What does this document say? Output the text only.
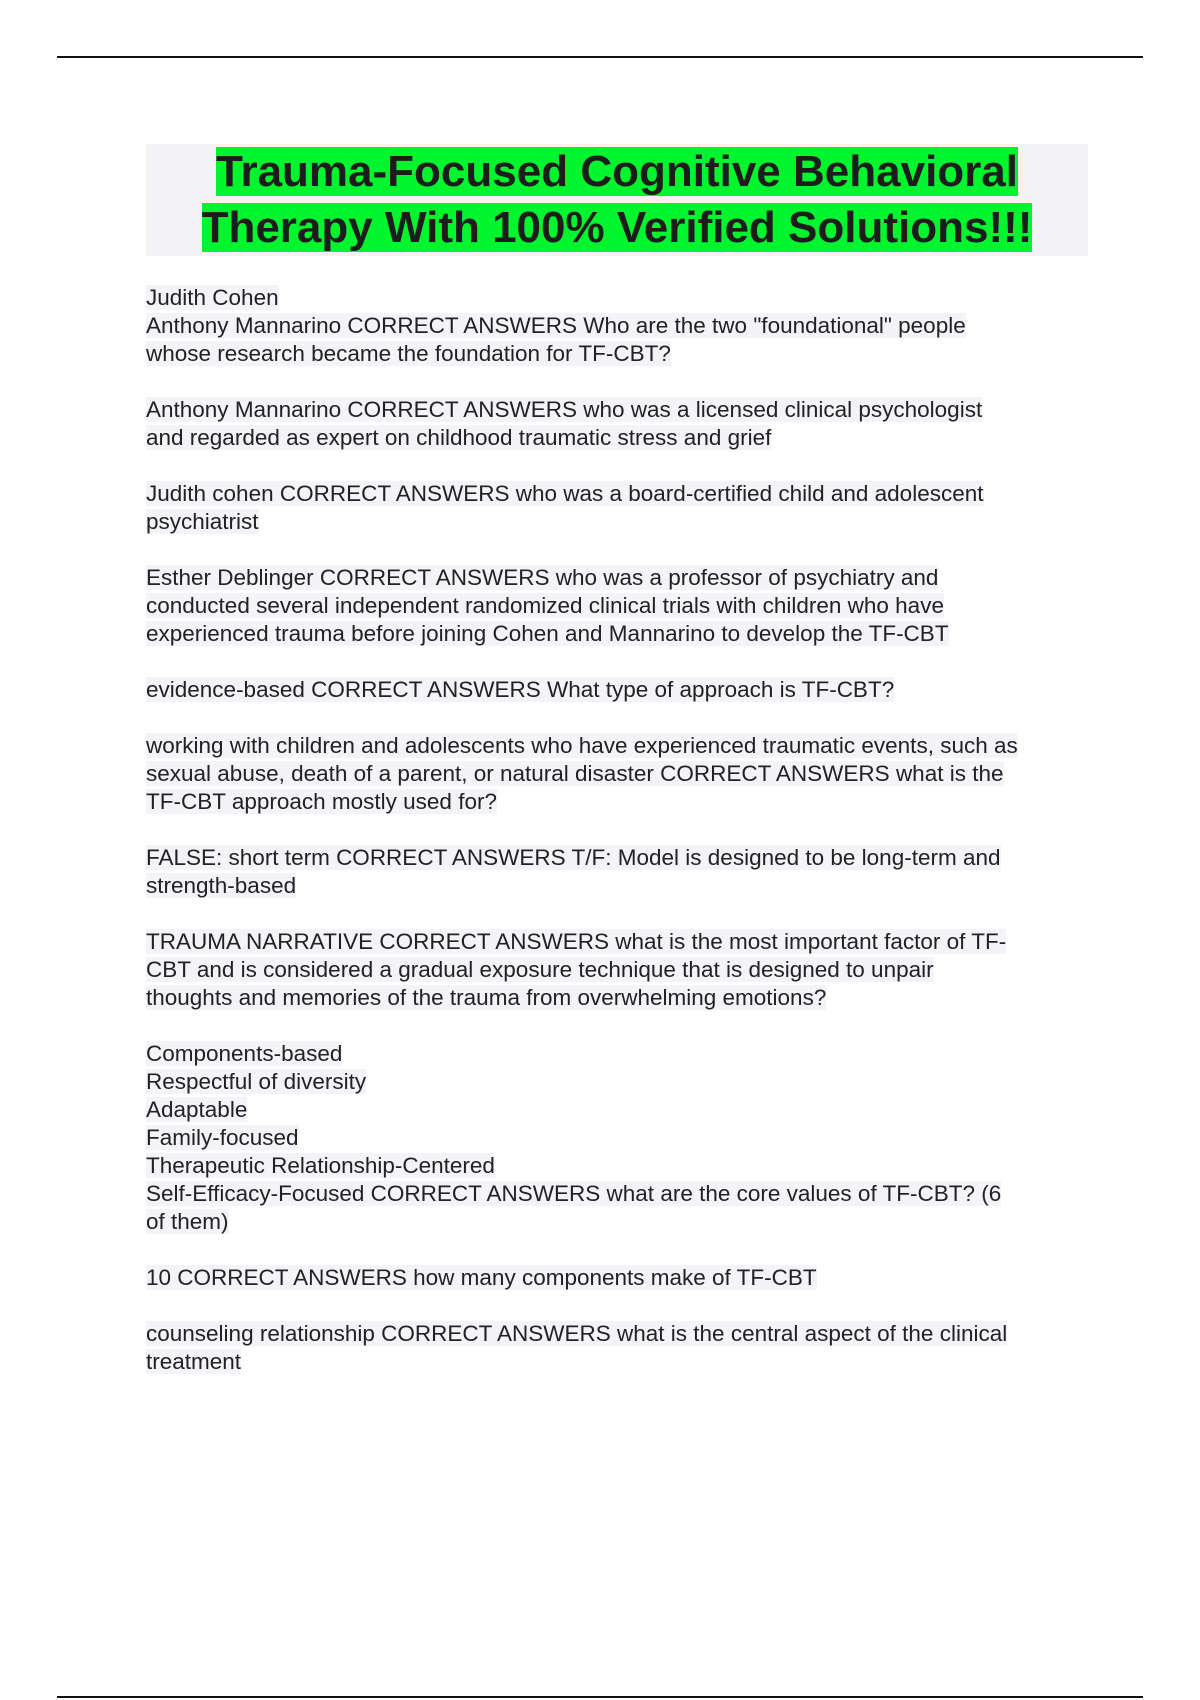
Trauma-Focused Cognitive Behavioral
Therapy With 100% Verified Solutions!!!
Judith Cohen
Anthony Mannarino CORRECT ANSWERS Who are the two "foundational" people
whose research became the foundation for TF-CBT?
Anthony Mannarino CORRECT ANSWERS who was a licensed clinical psychologist
and regarded as expert on childhood traumatic stress and grief
Judith cohen CORRECT ANSWERS who was a board-certified child and adolescent
psychiatrist
Esther Deblinger CORRECT ANSWERS who was a professor of psychiatry and
conducted several independent randomized clinical trials with children who have
experienced trauma before joining Cohen and Mannarino to develop the TF-CBT
evidence-based CORRECT ANSWERS What type of approach is TF-CBT?
working with children and adolescents who have experienced traumatic events, such as
sexual abuse, death of a parent, or natural disaster CORRECT ANSWERS what is the
TF-CBT approach mostly used for?
FALSE: short term CORRECT ANSWERS T/F: Model is designed to be long-term and
strength-based
TRAUMA NARRATIVE CORRECT ANSWERS what is the most important factor of TF-
CBT and is considered a gradual exposure technique that is designed to unpair
thoughts and memories of the trauma from overwhelming emotions?
Components-based
Respectful of diversity
Adaptable
Family-focused
Therapeutic Relationship-Centered
Self-Efficacy-Focused CORRECT ANSWERS what are the core values of TF-CBT? (6
of them)
10 CORRECT ANSWERS how many components make of TF-CBT
counseling relationship CORRECT ANSWERS what is the central aspect of the clinical
treatment
